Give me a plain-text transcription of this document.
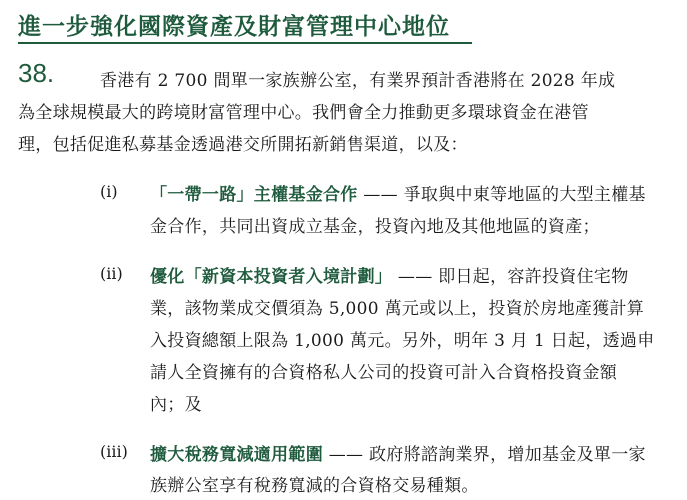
進一步強化國際資產及財富管理中心地位
38.	香港有 2 700 間單一家族辦公室，有業界預計香港將在 2028 年成
為全球規模最大的跨境財富管理中心。我們會全力推動更多環球資金在港管
理，包括促進私募基金透過港交所開拓新銷售渠道，以及：
(i) 「一帶一路」主權基金合作 —— 爭取與中東等地區的大型主權基
金合作，共同出資成立基金，投資內地及其他地區的資產；
(ii) 優化「新資本投資者入境計劃」 —— 即日起，容許投資住宅物
業，該物業成交價須為 5,000 萬元或以上，投資於房地產獲計算
入投資總額上限為 1,000 萬元。另外，明年 3 月 1 日起，透過申
請人全資擁有的合資格私人公司的投資可計入合資格投資金額
內；及
(iii) 擴大稅務寬減適用範圍 —— 政府將諮詢業界，增加基金及單一家
族辦公室享有稅務寬減的合資格交易種類。
